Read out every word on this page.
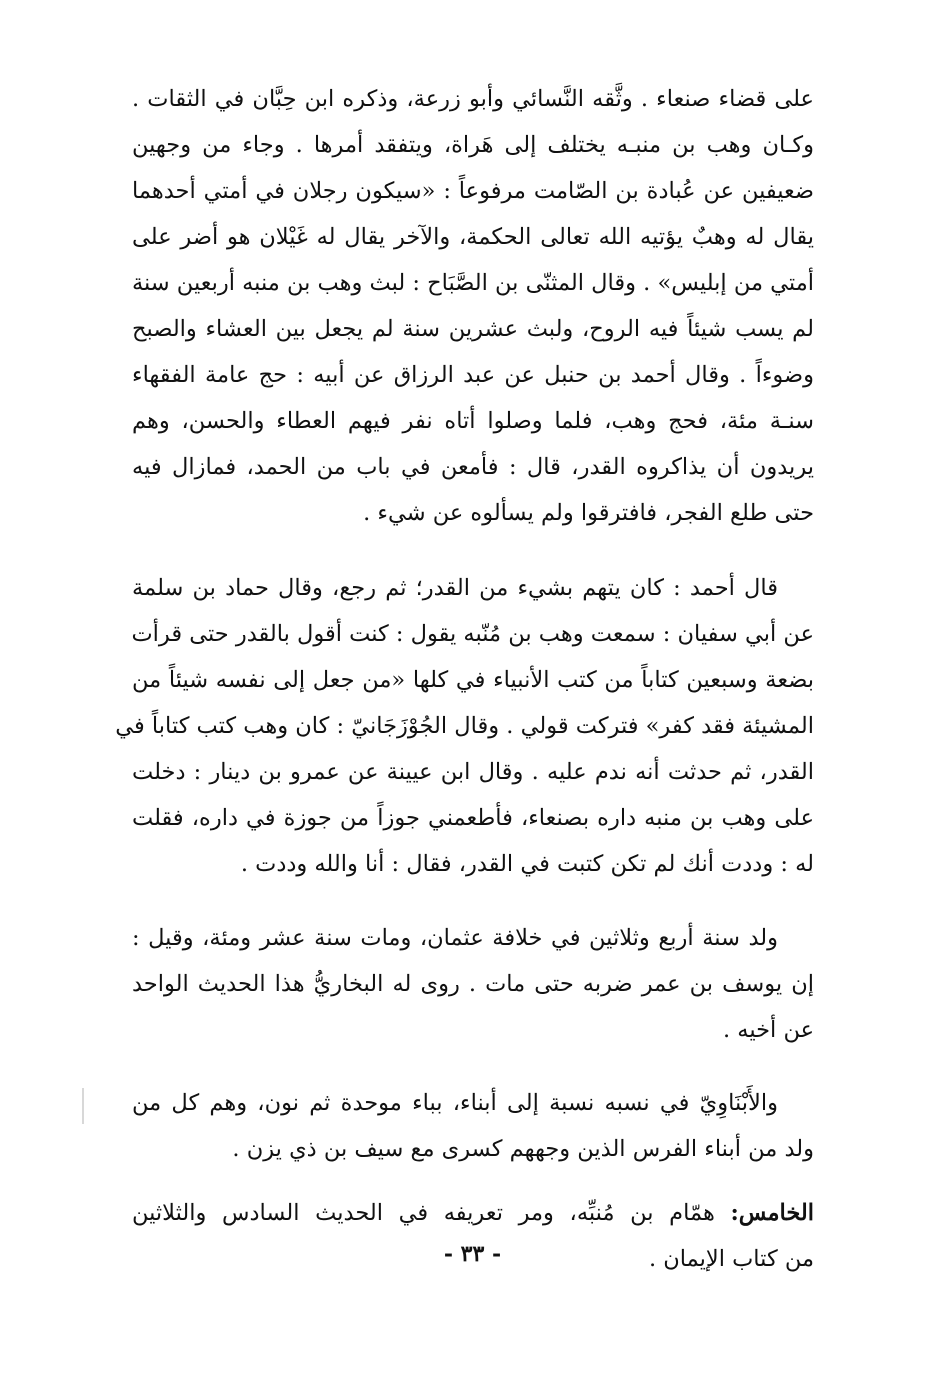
على قضاء صنعاء . وثَّقه النَّسائي وأبو زرعة، وذكره ابن حِبَّان في الثقات .
وكـان وهب بن منبـه يختلف إلى هَراة، ويتفقد أمرها . وجاء من وجهين
ضعيفين عن عُبادة بن الصّامت مرفوعاً : «سيكون رجلان في أمتي أحدهما
يقال له وهبٌ يؤتيه الله تعالى الحكمة، والآخر يقال له غَيْلان هو أضر على
أمتي من إبليس» . وقال المثنّى بن الصَّبَاح : لبث وهب بن منبه أربعين سنة
لم يسب شيئاً فيه الروح، ولبث عشرين سنة لم يجعل بين العشاء والصبح
وضوءاً . وقال أحمد بن حنبل عن عبد الرزاق عن أبيه : حج عامة الفقهاء
سنـة مئة، فحج وهب، فلما وصلوا أتاه نفر فيهم العطاء والحسن، وهم
يريدون أن يذاكروه القدر، قال : فأمعن في باب من الحمد، فمازال فيه
حتى طلع الفجر، فافترقوا ولم يسألوه عن شيء .
قال أحمد : كان يتهم بشيء من القدر؛ ثم رجع، وقال حماد بن سلمة
عن أبي سفيان : سمعت وهب بن مُنّبه يقول : كنت أقول بالقدر حتى قرأت
بضعة وسبعين كتاباً من كتب الأنبياء في كلها «من جعل إلى نفسه شيئاً من
المشيئة فقد كفر» فتركت قولي . وقال الجُوْزَجَانيّ : كان وهب كتب كتاباً في
القدر، ثم حدثت أنه ندم عليه . وقال ابن عيينة عن عمرو بن دينار : دخلت
على وهب بن منبه داره بصنعاء، فأطعمني جوزاً من جوزة في داره، فقلت
له : وددت أنك لم تكن كتبت في القدر، فقال : أنا والله وددت .
ولد سنة أربع وثلاثين في خلافة عثمان، ومات سنة عشر ومئة، وقيل :
إن يوسف بن عمر ضربه حتى مات . روى له البخاريُّ هذا الحديث الواحد
عن أخيه .
والأَبْنَاوِيّ في نسبه نسبة إلى أبناء، بباء موحدة ثم نون، وهم كل من
ولد من أبناء الفرس الذين وجههم كسرى مع سيف بن ذي يزن .
الخامس: همّام بن مُنبِّه، ومر تعريفه في الحديث السادس والثلاثين
من كتاب الإيمان .
- ٣٣ -
